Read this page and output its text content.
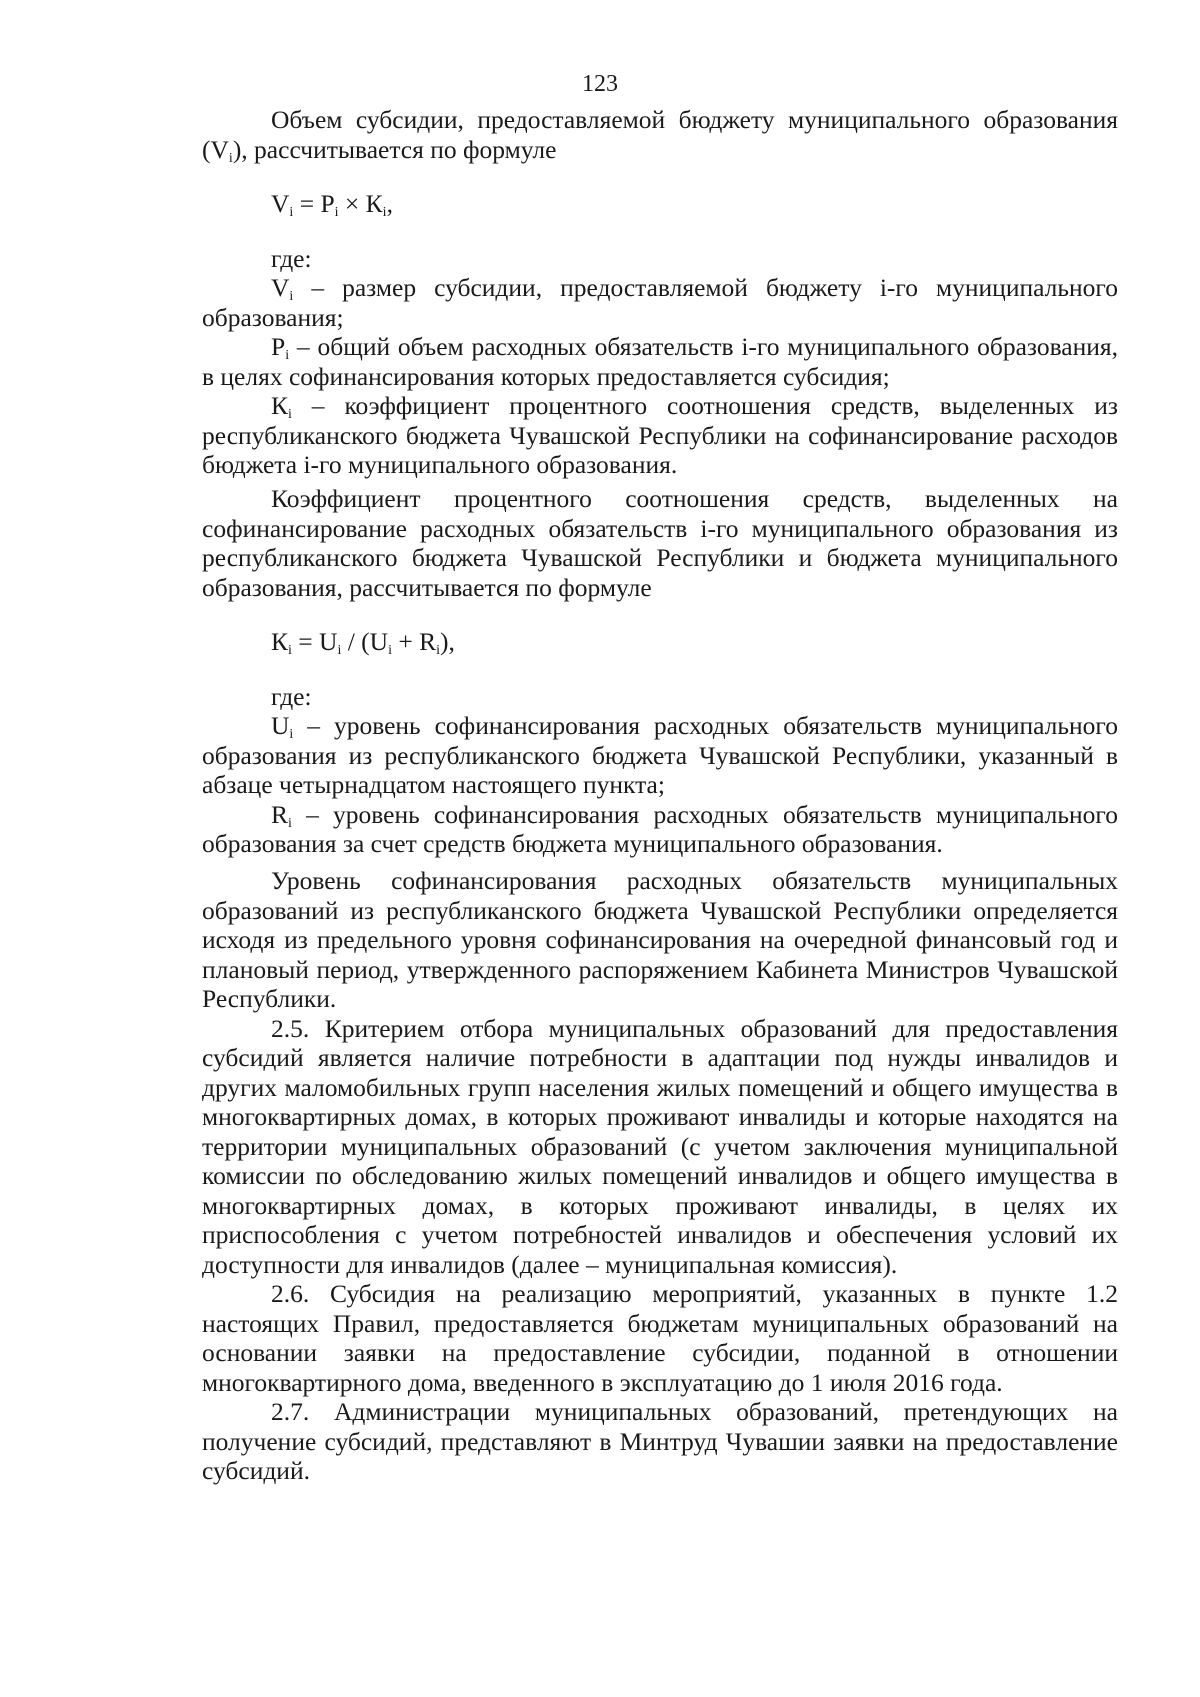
123

Объем субсидии, предоставляемой бюджету муниципального образования $(V_i)$, рассчитывается по формуле

$V_i = P_i \times К_i$,

где:

$V_i$ – размер субсидии, предоставляемой бюджету i-го муниципального образования;

$P_i$ – общий объем расходных обязательств i-го муниципального образования, в целях софинансирования которых предоставляется субсидия;

$К_i$ – коэффициент процентного соотношения средств, выделенных из республиканского бюджета Чувашской Республики на софинансирование расходов бюджета i-го муниципального образования.

Коэффициент процентного соотношения средств, выделенных на софинансирование расходных обязательств i-го муниципального образования из республиканского бюджета Чувашской Республики и бюджета муниципального образования, рассчитывается по формуле

$К_i = U_i / (U_i + R_i)$,

где:

$U_i$ – уровень софинансирования расходных обязательств муниципального образования из республиканского бюджета Чувашской Республики, указанный в абзаце четырнадцатом настоящего пункта;

$R_i$ – уровень софинансирования расходных обязательств муниципального образования за счет средств бюджета муниципального образования.

Уровень софинансирования расходных обязательств муниципальных образований из республиканского бюджета Чувашской Республики определяется исходя из предельного уровня софинансирования на очередной финансовый год и плановый период, утвержденного распоряжением Кабинета Министров Чувашской Республики.

2.5. Критерием отбора муниципальных образований для предоставления субсидий является наличие потребности в адаптации под нужды инвалидов и других маломобильных групп населения жилых помещений и общего имущества в многоквартирных домах, в которых проживают инвалиды и которые находятся на территории муниципальных образований (с учетом заключения муниципальной комиссии по обследованию жилых помещений инвалидов и общего имущества в многоквартирных домах, в которых проживают инвалиды, в целях их приспособления с учетом потребностей инвалидов и обеспечения условий их доступности для инвалидов (далее – муниципальная комиссия).

2.6. Субсидия на реализацию мероприятий, указанных в пункте 1.2 настоящих Правил, предоставляется бюджетам муниципальных образований на основании заявки на предоставление субсидии, поданной в отношении многоквартирного дома, введенного в эксплуатацию до 1 июля 2016 года.

2.7. Администрации муниципальных образований, претендующих на получение субсидий, представляют в Минтруд Чувашии заявки на предоставление субсидий.
